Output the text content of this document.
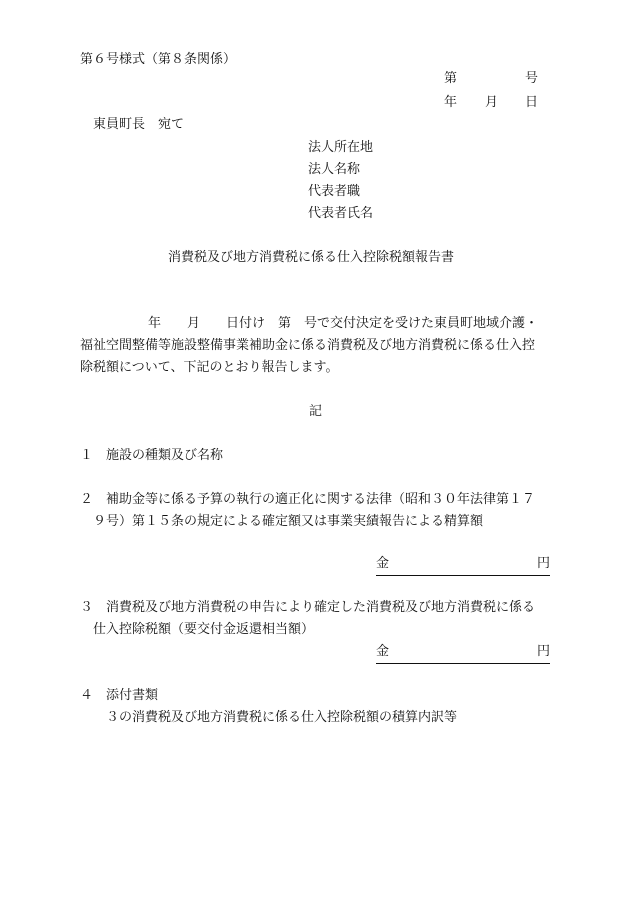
第６号様式（第８条関係）
第	号
年 月 日
東員町長　宛て
法人所在地
法人名称
代表者職
代表者氏名
消費税及び地方消費税に係る仕入控除税額報告書
年　　月　　日付け　第　号で交付決定を受けた東員町地域介護・
福祉空間整備等施設整備事業補助金に係る消費税及び地方消費税に係る仕入控
除税額について、下記のとおり報告します。
記
１ 施設の種類及び名称
２ 補助金等に係る予算の執行の適正化に関する法律（昭和３０年法律第１７
９号）第１５条の規定による確定額又は事業実績報告による精算額
金	円
３ 消費税及び地方消費税の申告により確定した消費税及び地方消費税に係る
仕入控除税額（要交付金返還相当額）
金	円
４ 添付書類
３の消費税及び地方消費税に係る仕入控除税額の積算内訳等
